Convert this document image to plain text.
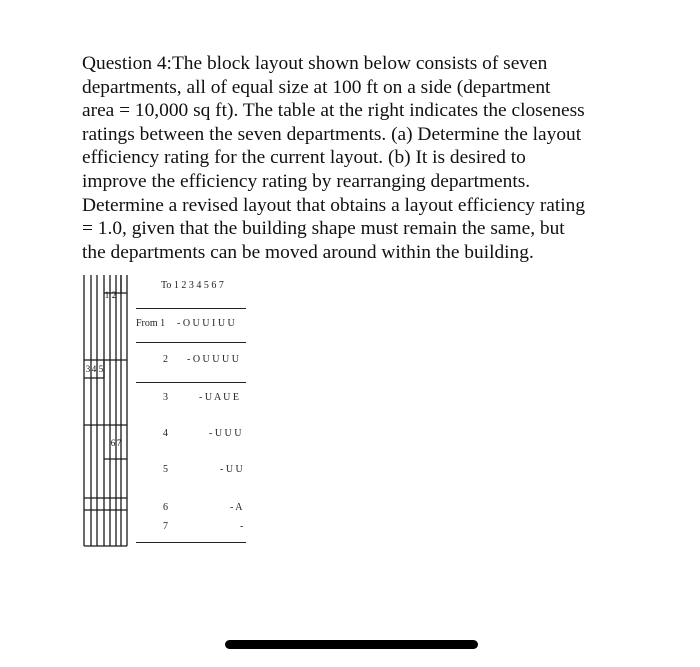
Question 4:The block layout shown below consists of seven
departments, all of equal size at 100 ft on a side (department
area = 10,000 sq ft). The table at the right indicates the closeness
ratings between the seven departments. (a) Determine the layout
efficiency rating for the current layout. (b) It is desired to
improve the efficiency rating by rearranging departments.
Determine a revised layout that obtains a layout efficiency rating
= 1.0, given that the building shape must remain the same, but
the departments can be moved around within the building.
1 2
3 4 5
6 7
To 1 2 3 4 5 6 7
From 1 - O U U I U U
2 - O U U U U
3	- U A U E
4	- U U U
5	- U U
6	- A
7	-
